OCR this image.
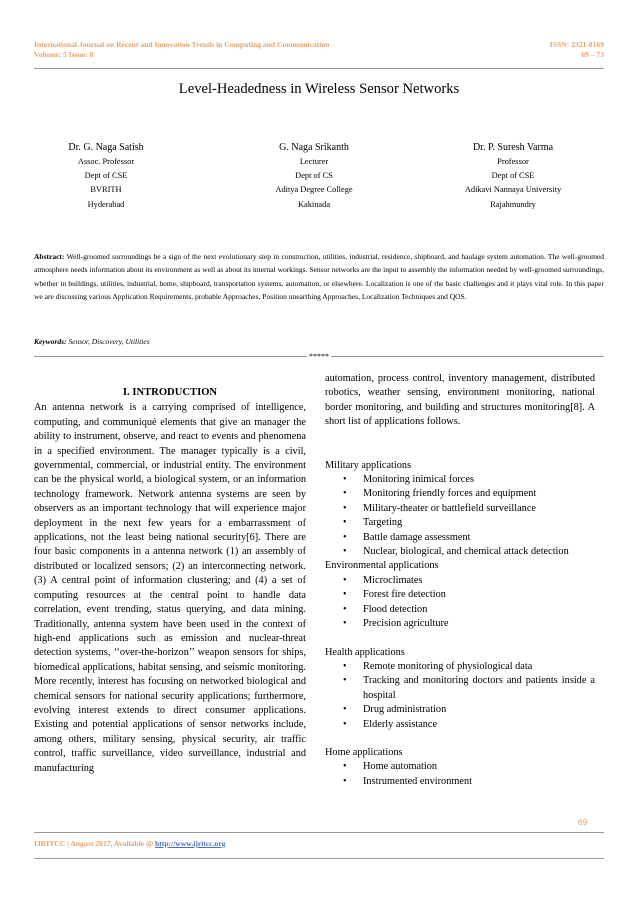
International Journal on Recent and Innovation Trends in Computing and Communication
Volume: 5 Issue: 8
ISSN: 2321-8169
69 – 73
Level-Headedness in Wireless Sensor Networks
Dr. G. Naga Satish
Assoc. Professor
Dept of CSE
BVRITH
Hyderabad
G. Naga Srikanth
Lecturer
Dept of CS
Aditya Degree College
Kakinada
Dr. P. Suresh Varma
Professor
Dept of CSE
Adikavi Nannaya University
Rajahmundry
Abstract: Well-groomed surroundings be a sign of the next evolutionary step in construction, utilities, industrial, residence, shipboard, and haulage system automation. The well-groomed atmosphere needs information about its environment as well as about its internal workings. Sensor networks are the input to assembly the information needed by well-groomed surroundings, whether in buildings, utilities, industrial, home, shipboard, transportation systems, automation, or elsewhere. Localization is one of the basic challenges and it plays vital role. In this paper we are discussing various Application Requirements, probable Approaches, Position unearthing Approaches, Localization Techniques and QOS.
Keywords: Sensor, Discovery, Utilities
*****
I. INTRODUCTION

An antenna network is a carrying comprised of intelligence, computing, and communiqué elements that give an manager the ability to instrument, observe, and react to events and phenomena in a specified environment. The manager typically is a civil, governmental, commercial, or industrial entity. The environment can be the physical world, a biological system, or an information technology framework. Network antenna systems are seen by observers as an important technology that will experience major deployment in the next few years for a embarrassment of applications, not the least being national security[6]. There are four basic components in a antenna network (1) an assembly of distributed or localized sensors; (2) an interconnecting network. (3) A central point of information clustering; and (4) a set of computing resources at the central point to handle data correlation, event trending, status querying, and data mining. Traditionally, antenna system have been used in the context of high-end applications such as emission and nuclear-threat detection systems, ‘‘over-the-horizon’’ weapon sensors for ships, biomedical applications, habitat sensing, and seismic monitoring. More recently, interest has focusing on networked biological and chemical sensors for national security applications; furthermore, evolving interest extends to direct consumer applications. Existing and potential applications of sensor networks include, among others, military sensing, physical security, air traffic control, traffic surveillance, video surveillance, industrial and manufacturing

automation, process control, inventory management, distributed robotics, weather sensing, environment monitoring, national border monitoring, and building and structures monitoring[8]. A short list of applications follows.

Military applications

• Monitoring inimical forces
• Monitoring friendly forces and equipment
• Military-theater or battlefield surveillance
• Targeting
• Battle damage assessment
• Nuclear, biological, and chemical attack detection

Environmental applications

• Microclimates
• Forest fire detection
• Flood detection
• Precision agriculture

Health applications

• Remote monitoring of physiological data
• Tracking and monitoring doctors and patients inside a hospital
• Drug administration
• Elderly assistance

Home applications

• Home automation
• Instrumented environment
69
IJRITCC | August 2017, Available @ http://www.ijritcc.org
